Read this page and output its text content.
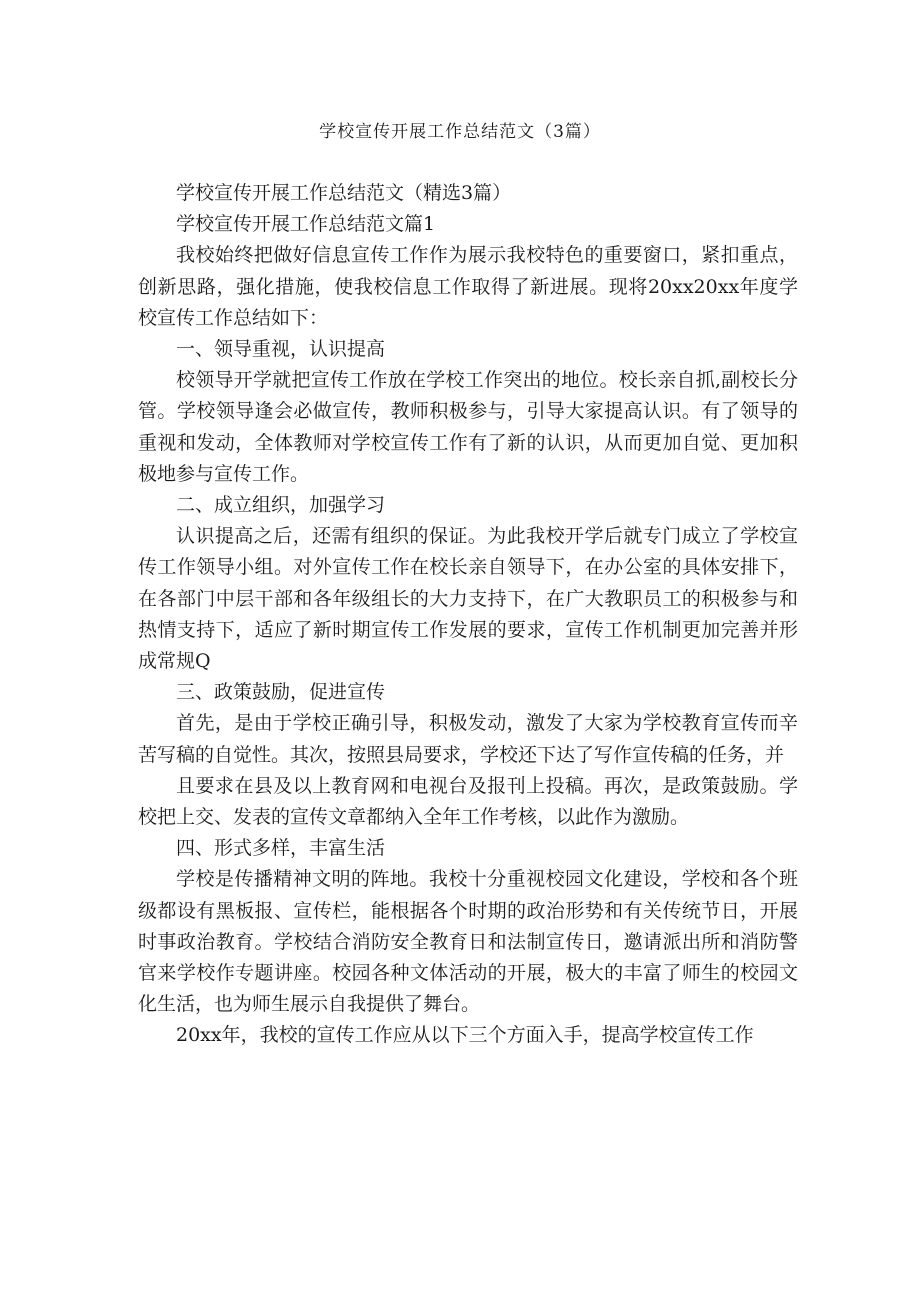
学校宣传开展工作总结范文（3篇）

学校宣传开展工作总结范文（精选3篇）

学校宣传开展工作总结范文篇1

我校始终把做好信息宣传工作作为展示我校特色的重要窗口，紧扣重点，创新思路，强化措施，使我校信息工作取得了新进展。现将20xx20xx年度学校宣传工作总结如下：

一、领导重视，认识提高

校领导开学就把宣传工作放在学校工作突出的地位。校长亲自抓,副校长分管。学校领导逢会必做宣传，教师积极参与，引导大家提高认识。有了领导的重视和发动，全体教师对学校宣传工作有了新的认识，从而更加自觉、更加积极地参与宣传工作。

二、成立组织，加强学习

认识提高之后，还需有组织的保证。为此我校开学后就专门成立了学校宣传工作领导小组。对外宣传工作在校长亲自领导下，在办公室的具体安排下，在各部门中层干部和各年级组长的大力支持下，在广大教职员工的积极参与和热情支持下，适应了新时期宣传工作发展的要求，宣传工作机制更加完善并形成常规Q

三、政策鼓励，促进宣传

首先，是由于学校正确引导，积极发动，激发了大家为学校教育宣传而辛苦写稿的自觉性。其次，按照县局要求，学校还下达了写作宣传稿的任务，并

且要求在县及以上教育网和电视台及报刊上投稿。再次，是政策鼓励。学校把上交、发表的宣传文章都纳入全年工作考核，以此作为激励。

四、形式多样，丰富生活

学校是传播精神文明的阵地。我校十分重视校园文化建设，学校和各个班级都设有黑板报、宣传栏，能根据各个时期的政治形势和有关传统节日，开展时事政治教育。学校结合消防安全教育日和法制宣传日，邀请派出所和消防警官来学校作专题讲座。校园各种文体活动的开展，极大的丰富了师生的校园文化生活，也为师生展示自我提供了舞台。

20xx年，我校的宣传工作应从以下三个方面入手，提高学校宣传工作
